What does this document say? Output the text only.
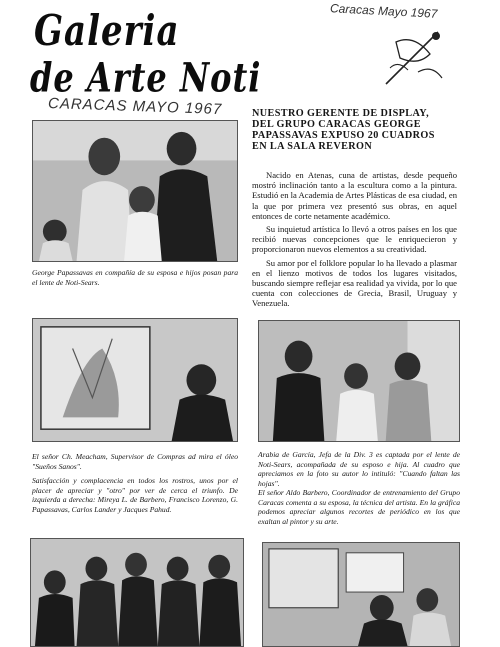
Galeria
de Arte Noti
Caracas Mayo 1967
CARACAS MAYO 1967	NUESTRO GERENTE DE DISPLAY, DEL GRUPO CARACAS GEORGE PAPASSAVAS EXPUSO 20 CUADROS EN LA SALA REVERON

Nacido en Atenas, cuna de artistas, desde pequeño mostró inclinación tanto a la escultura como a la pintura. Estudió en la Academia de Artes Plásticas de esa ciudad, en la que por primera vez presentó sus obras, en aquel entonces de corte netamente académico.

Su inquietud artística lo llevó a otros países en los que recibió nuevas concepciones que le enriquecieron y proporcionaron nuevos elementos a su creatividad.

Su amor por el folklore popular lo ha llevado a plasmar en el lienzo motivos de todos los lugares visitados, buscando siempre reflejar esa realidad ya vivida, por lo que cuenta con colecciones de Grecia, Brasil, Uruguay y Venezuela.

George Papassavas en compañía de su esposa e hijos posan para el lente de Noti-Sears.
El señor Ch. Meacham, Supervisor de Compras ad mira el óleo "Sueños Sanos".
Satisfacción y complacencia en todos los rostros, unos por el placer de apreciar y "otro" por ver de cerca el triunfo. De izquierda a derecha: Mireya L. de Barbero, Francisco Lorenzo, G. Papassavas, Carlos Lander y Jacques Pahud.
Arabia de García, Jefa de la Div. 3 es captada por el lente de Noti-Sears, acompañada de su esposo e hija. Al cuadro que apreciamos en la foto su autor lo intituló: "Cuando faltan las hojas".
El señor Aldo Barbero, Coordinador de entrenamiento del Grupo Caracas comenta a su esposa, la técnica del artista. En la gráfica podemos apreciar algunos recortes de periódico en los que exaltan al pintor y su arte.
